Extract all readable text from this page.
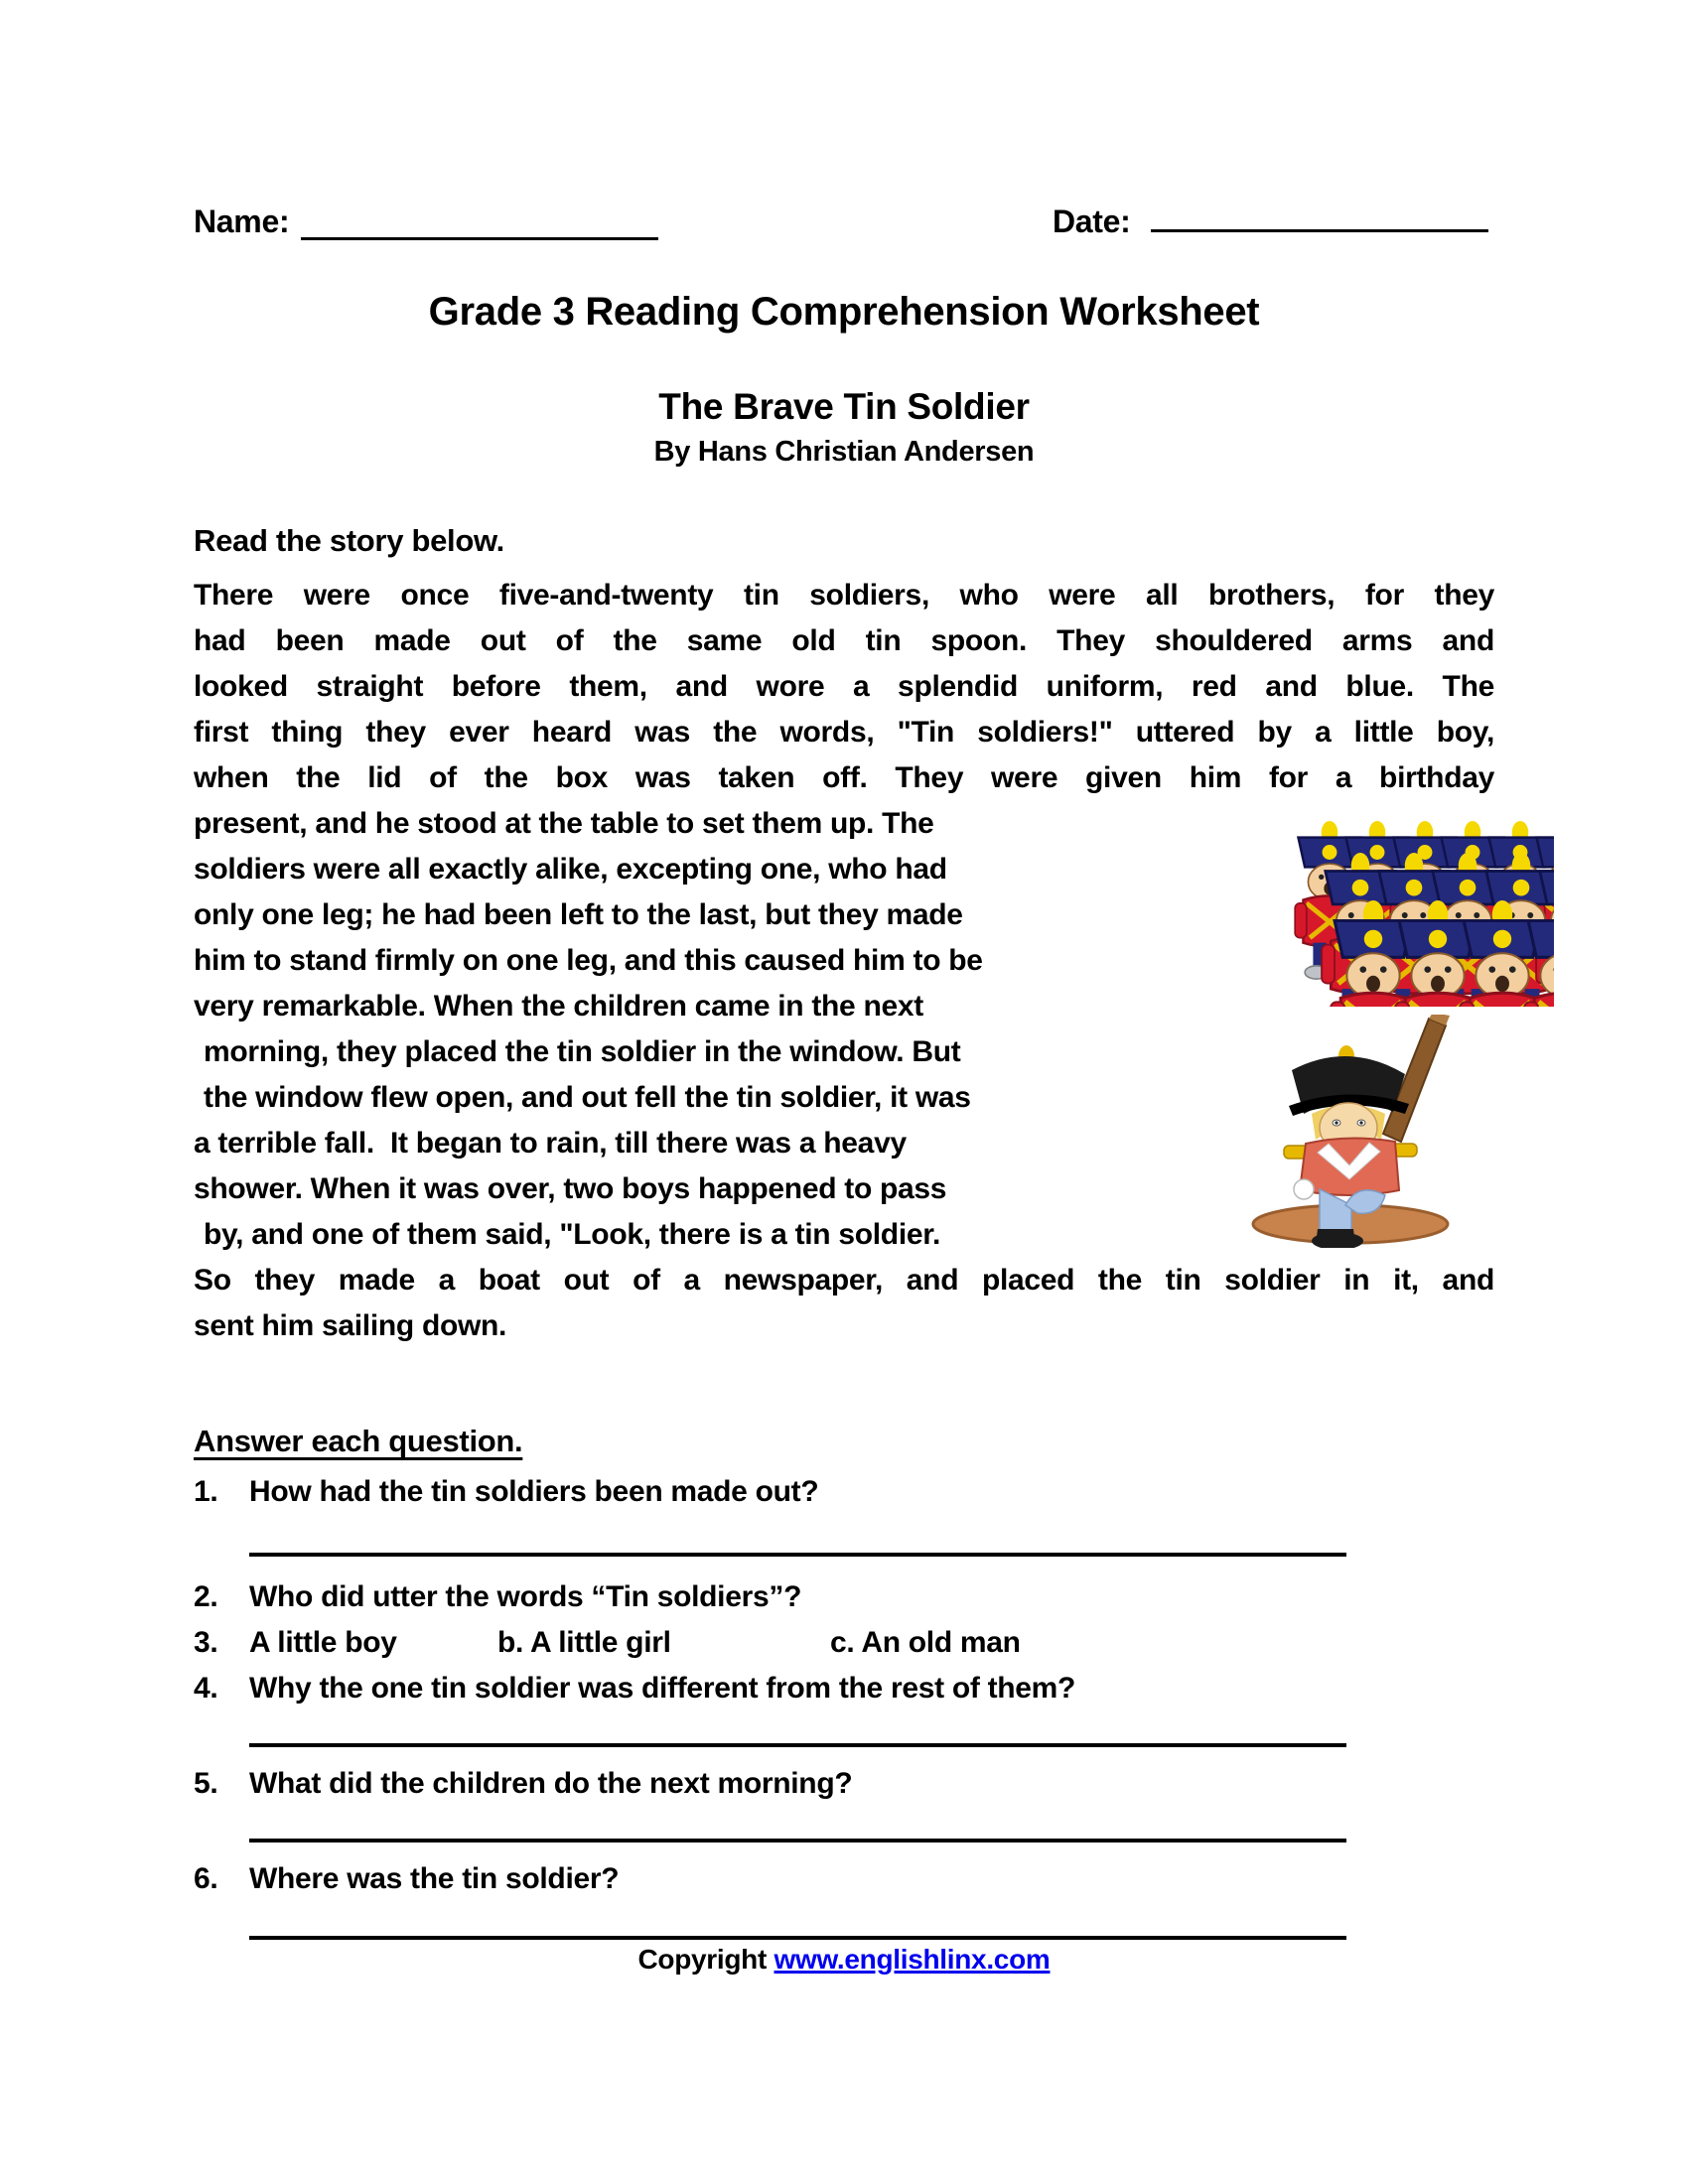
Name:	Date:
Grade 3 Reading Comprehension Worksheet
The Brave Tin Soldier
By Hans Christian Andersen
Read the story below.
There were once five-and-twenty tin soldiers, who were all brothers, for they
had been made out of the same old tin spoon. They shouldered arms and
looked straight before them, and wore a splendid uniform, red and blue. The
first thing they ever heard was the words, "Tin soldiers!" uttered by a little boy,
when the lid of the box was taken off. They were given him for a birthday
present, and he stood at the table to set them up. The
soldiers were all exactly alike, excepting one, who had
only one leg; he had been left to the last, but they made
him to stand firmly on one leg, and this caused him to be
very remarkable. When the children came in the next
morning, they placed the tin soldier in the window. But
the window flew open, and out fell the tin soldier, it was
a terrible fall.  It began to rain, till there was a heavy
shower. When it was over, two boys happened to pass
by, and one of them said, "Look, there is a tin soldier.
So they made a boat out of a newspaper, and placed the tin soldier in it, and
sent him sailing down.
Answer each question.
1.	How had the tin soldiers been made out?
2.	Who did utter the words “Tin soldiers”?
3.	A little boy	b. A little girl	c. An old man
4.	Why the one tin soldier was different from the rest of them?
5.	What did the children do the next morning?
6.	Where was the tin soldier?
Copyright www.englishlinx.com
